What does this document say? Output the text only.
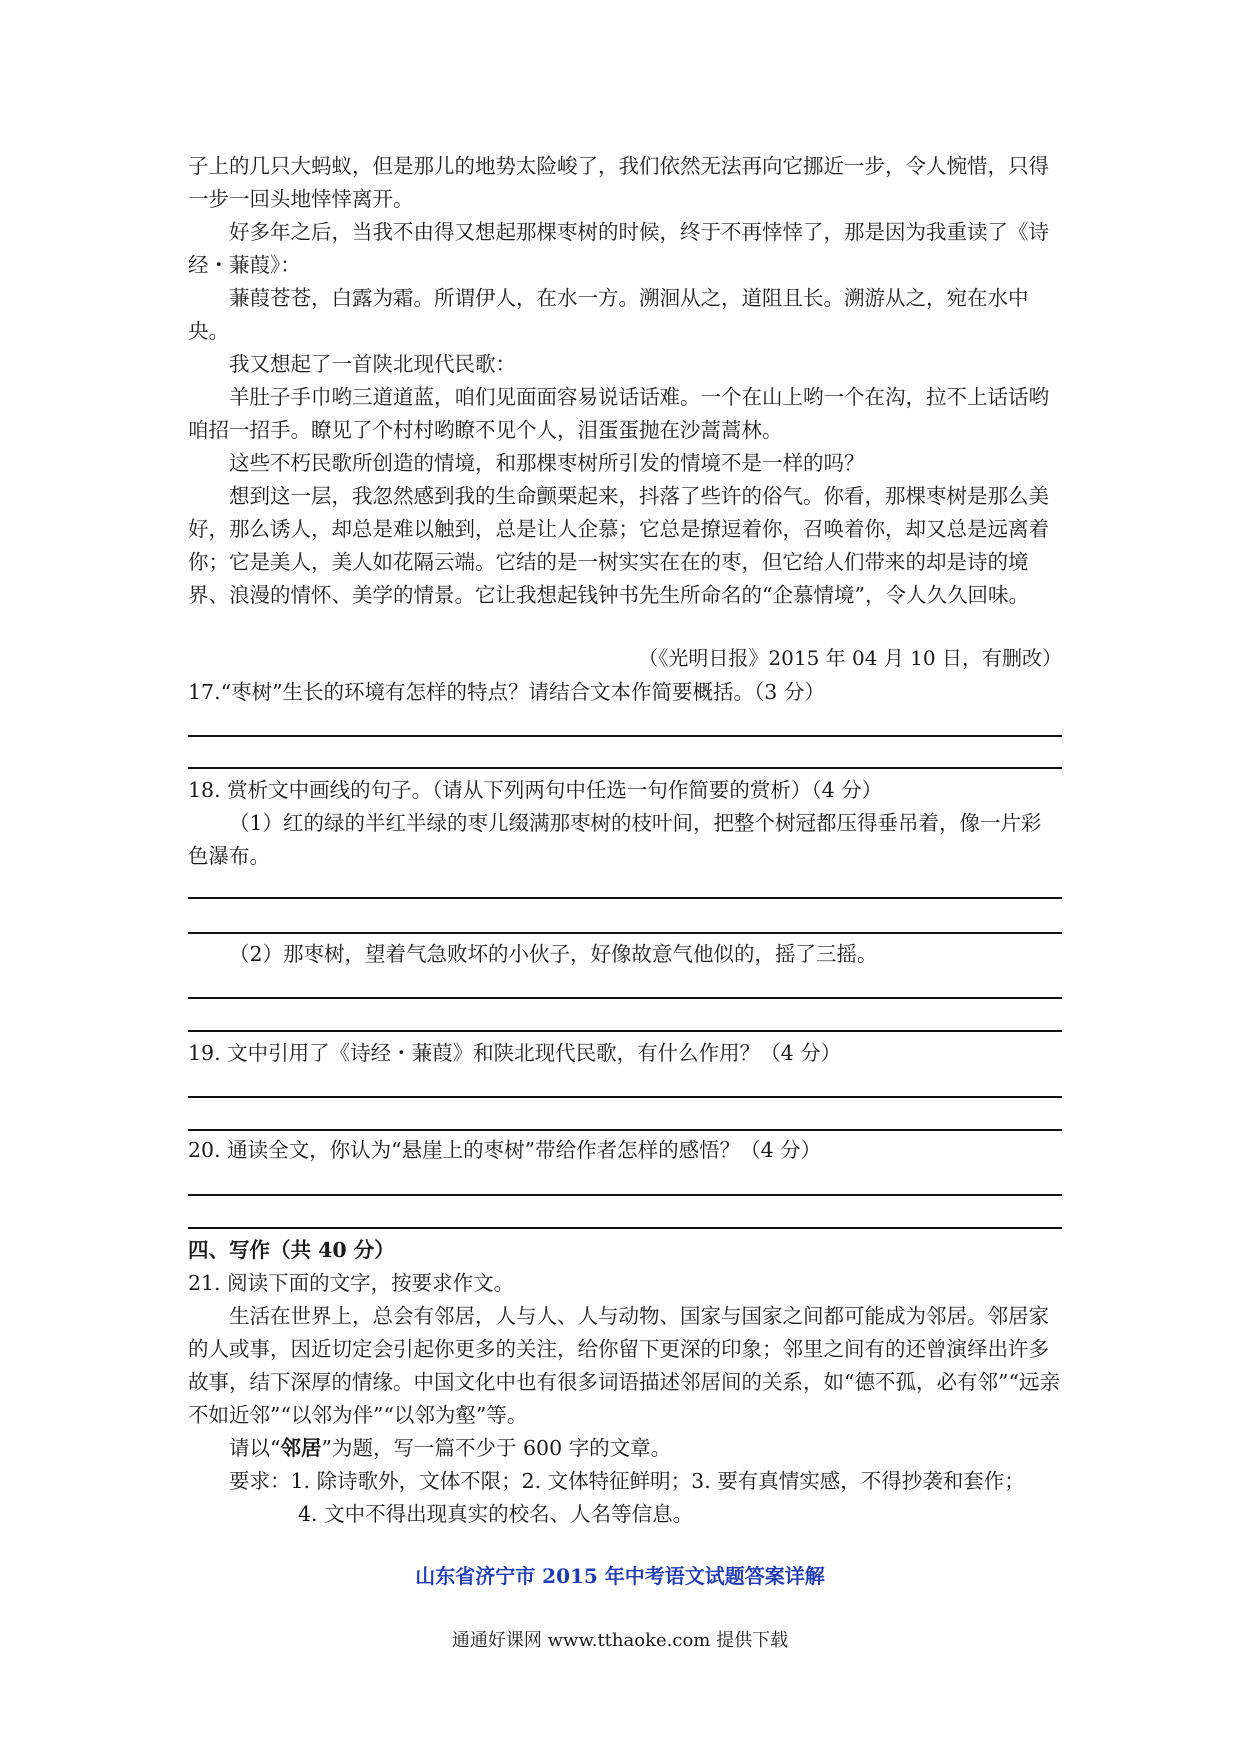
子上的几只大蚂蚁，但是那儿的地势太险峻了，我们依然无法再向它挪近一步，令人惋惜，只得一步一回头地悻悻离开。

好多年之后，当我不由得又想起那棵枣树的时候，终于不再悻悻了，那是因为我重读了《诗经・蒹葭》：

蒹葭苍苍，白露为霜。所谓伊人，在水一方。溯洄从之，道阻且长。溯游从之，宛在水中央。

我又想起了一首陕北现代民歌：

羊肚子手巾哟三道道蓝，咱们见面面容易说话话难。一个在山上哟一个在沟，拉不上话话哟咱招一招手。瞭见了个村村哟瞭不见个人，泪蛋蛋抛在沙蒿蒿林。

这些不朽民歌所创造的情境，和那棵枣树所引发的情境不是一样的吗？

想到这一层，我忽然感到我的生命颤栗起来，抖落了些许的俗气。你看，那棵枣树是那么美好，那么诱人，却总是难以触到，总是让人企慕；它总是撩逗着你，召唤着你，却又总是远离着你；它是美人，美人如花隔云端。它结的是一树实实在在的枣，但它给人们带来的却是诗的境界、浪漫的情怀、美学的情景。它让我想起钱钟书先生所命名的“企慕情境”，令人久久回味。

（《光明日报》2015 年 04 月 10 日，有删改）

17.“枣树”生长的环境有怎样的特点？请结合文本作简要概括。（3 分）

18. 赏析文中画线的句子。（请从下列两句中任选一句作简要的赏析）（4 分）

（1）红的绿的半红半绿的枣儿缀满那枣树的枝叶间，把整个树冠都压得垂吊着，像一片彩色瀑布。

（2）那枣树，望着气急败坏的小伙子，好像故意气他似的，摇了三摇。

19. 文中引用了《诗经・蒹葭》和陕北现代民歌，有什么作用？（4 分）

20. 通读全文，你认为“悬崖上的枣树”带给作者怎样的感悟？（4 分）

四、写作（共 40 分）

21. 阅读下面的文字，按要求作文。

生活在世界上，总会有邻居，人与人、人与动物、国家与国家之间都可能成为邻居。邻居家的人或事，因近切定会引起你更多的关注，给你留下更深的印象；邻里之间有的还曾演绎出许多故事，结下深厚的情缘。中国文化中也有很多词语描述邻居间的关系，如“德不孤，必有邻”“远亲不如近邻”“以邻为伴”“以邻为壑”等。

请以“邻居”为题，写一篇不少于 600 字的文章。

要求：1. 除诗歌外，文体不限；2. 文体特征鲜明；3. 要有真情实感，不得抄袭和套作；

4. 文中不得出现真实的校名、人名等信息。

山东省济宁市 2015 年中考语文试题答案详解
通通好课网 www.tthaoke.com 提供下载
